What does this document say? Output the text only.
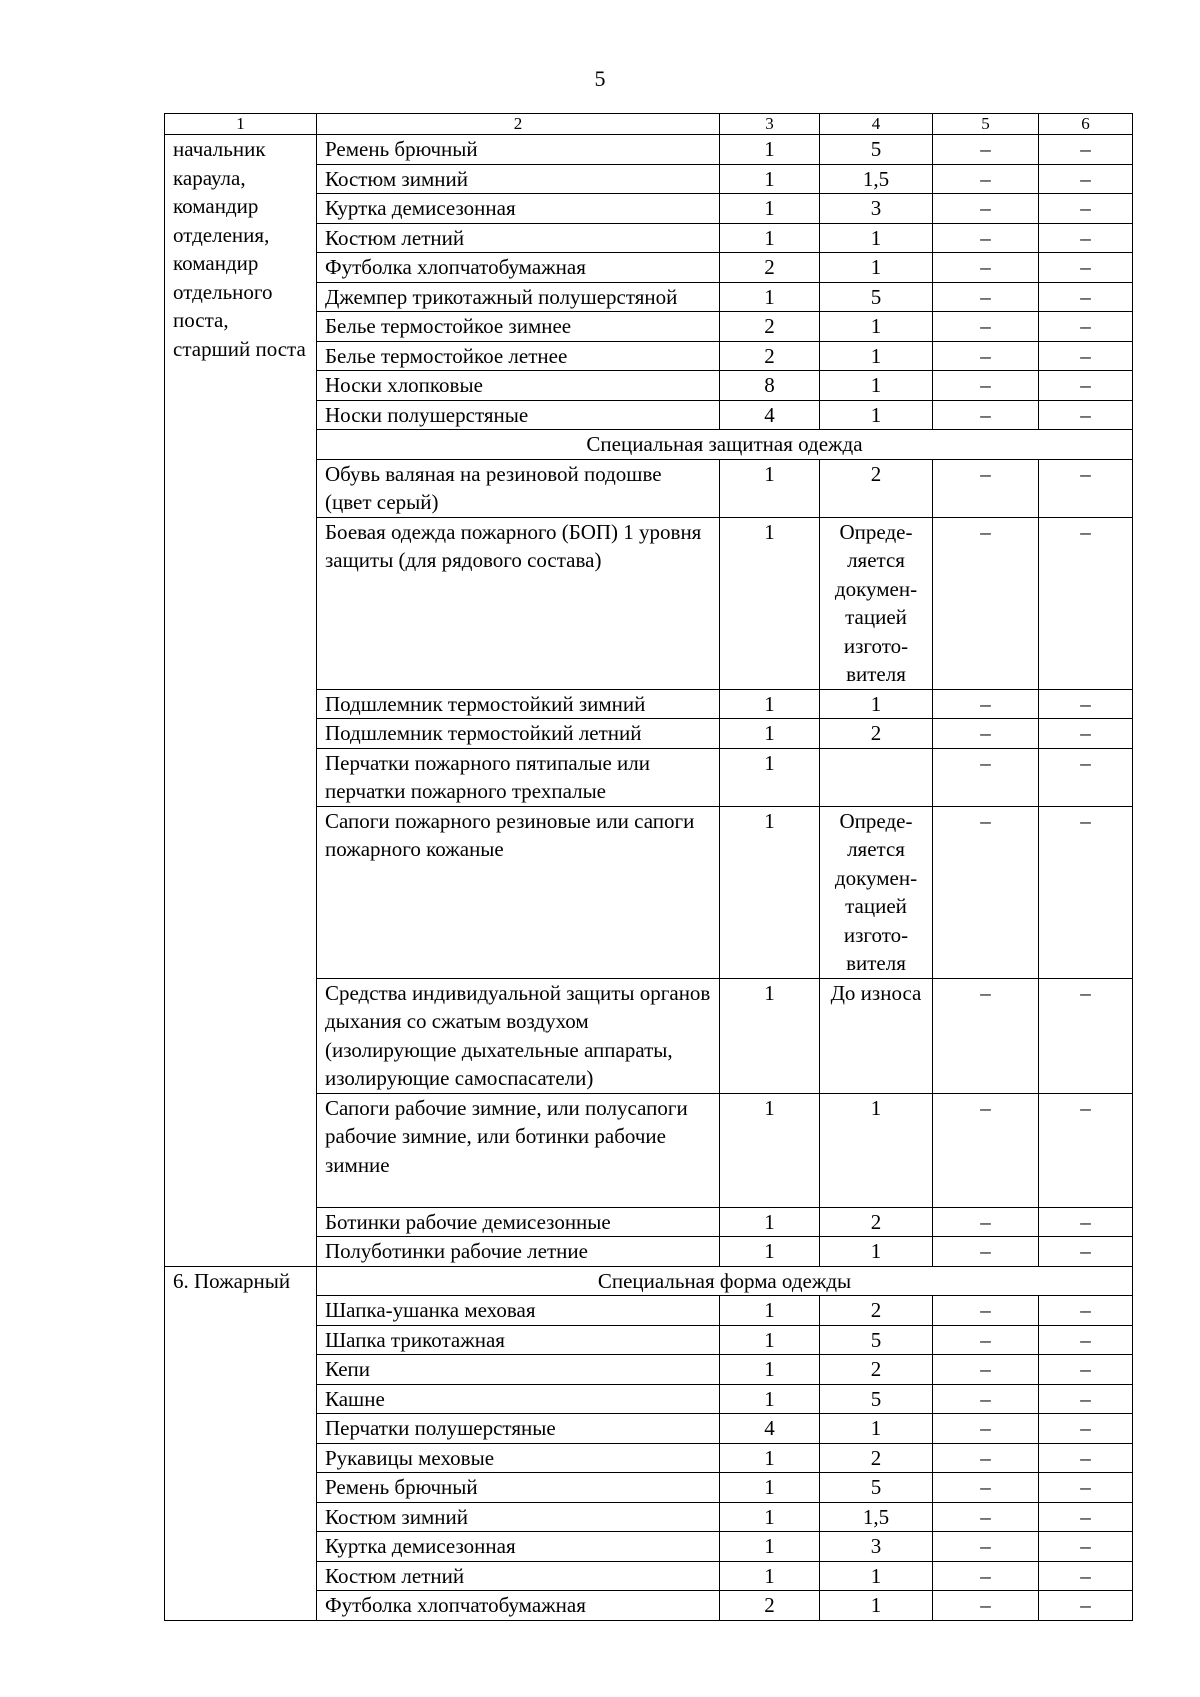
5
1	2	3	4	5	6
начальник караула, командир отделения, командир отдельного поста, старший поста	Ремень брючный	1	5	–	–
	Костюм зимний	1	1,5	–	–
	Куртка демисезонная	1	3	–	–
	Костюм летний	1	1	–	–
	Футболка хлопчатобумажная	2	1	–	–
	Джемпер трикотажный полушерстяной	1	5	–	–
	Белье термостойкое зимнее	2	1	–	–
	Белье термостойкое летнее	2	1	–	–
	Носки хлопковые	8	1	–	–
	Носки полушерстяные	4	1	–	–
	Специальная защитная одежда				
	Обувь валяная на резиновой подошве (цвет серый)	1	2	–	–
	Боевая одежда пожарного (БОП) 1 уровня защиты (для рядового состава)	1	Опреде-ляется докумен-тацией изгото-вителя	–	–
	Подшлемник термостойкий зимний	1	1	–	–
	Подшлемник термостойкий летний	1	2	–	–
	Перчатки пожарного пятипалые или перчатки пожарного трехпалые	1		–	–
	Сапоги пожарного резиновые или сапоги пожарного кожаные	1	Опреде-ляется докумен-тацией изгото-вителя	–	–
	Средства индивидуальной защиты органов дыхания со сжатым воздухом (изолирующие дыхательные аппараты, изолирующие самоспасатели)	1	До износа	–	–
	Сапоги рабочие зимние, или полусапоги рабочие зимние, или ботинки рабочие зимние	1	1	–	–
	Ботинки рабочие демисезонные	1	2	–	–
	Полуботинки рабочие летние	1	1	–	–
6. Пожарный	Специальная форма одежды				
	Шапка-ушанка меховая	1	2	–	–
	Шапка трикотажная	1	5	–	–
	Кепи	1	2	–	–
	Кашне	1	5	–	–
	Перчатки полушерстяные	4	1	–	–
	Рукавицы меховые	1	2	–	–
	Ремень брючный	1	5	–	–
	Костюм зимний	1	1,5	–	–
	Куртка демисезонная	1	3	–	–
	Костюм летний	1	1	–	–
	Футболка хлопчатобумажная	2	1	–	–
